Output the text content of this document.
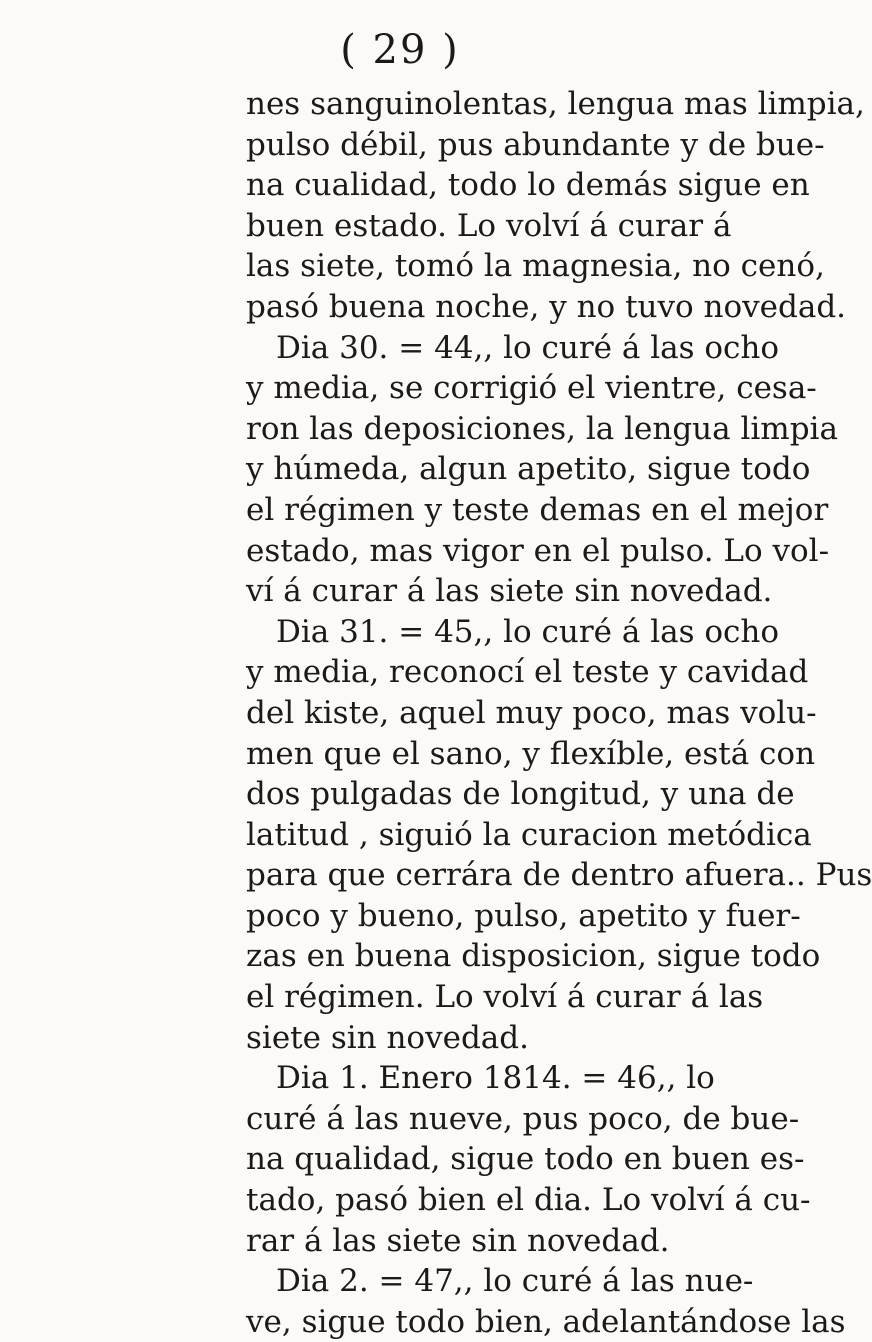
( 29 )
nes sanguinolentas, lengua mas limpia,
pulso débil, pus abundante y de bue-
na cualidad, todo lo demás sigue en
buen estado. Lo volví á curar á
las siete, tomó la magnesia, no cenó,
pasó buena noche, y no tuvo novedad.
Dia 30. = 44,, lo curé á las ocho
y media, se corrigió el vientre, cesa-
ron las deposiciones, la lengua limpia
y húmeda, algun apetito, sigue todo
el régimen y teste demas en el mejor
estado, mas vigor en el pulso. Lo vol-
ví á curar á las siete sin novedad.
Dia 31. = 45,, lo curé á las ocho
y media, reconocí el teste y cavidad
del kiste, aquel muy poco, mas volu-
men que el sano, y flexíble, está con
dos pulgadas de longitud, y una de
latitud , siguió la curacion metódica
para que cerrára de dentro afuera.. Pus
poco y bueno, pulso, apetito y fuer-
zas en buena disposicion, sigue todo
el régimen. Lo volví á curar á las
siete sin novedad.
Dia 1. Enero 1814. = 46,, lo
curé á las nueve, pus poco, de bue-
na qualidad, sigue todo en buen es-
tado, pasó bien el dia. Lo volví á cu-
rar á las siete sin novedad.
Dia 2. = 47,, lo curé á las nue-
ve, sigue todo bien, adelantándose las
